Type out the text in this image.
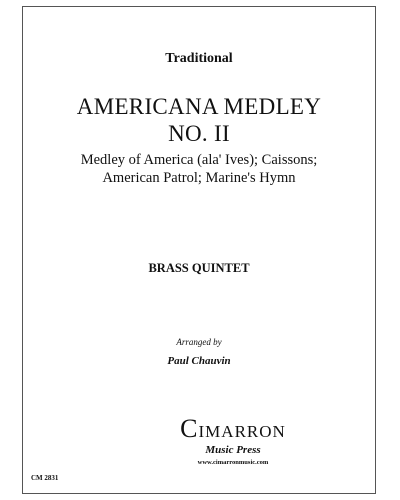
Traditional

AMERICANA MEDLEY
NO. II
Medley of America (ala' Ives); Caissons;
American Patrol; Marine's Hymn

BRASS QUINTET

Arranged by

Paul Chauvin

CIMARRON
Music Press
www.cimarronmusic.com

CM 2831
